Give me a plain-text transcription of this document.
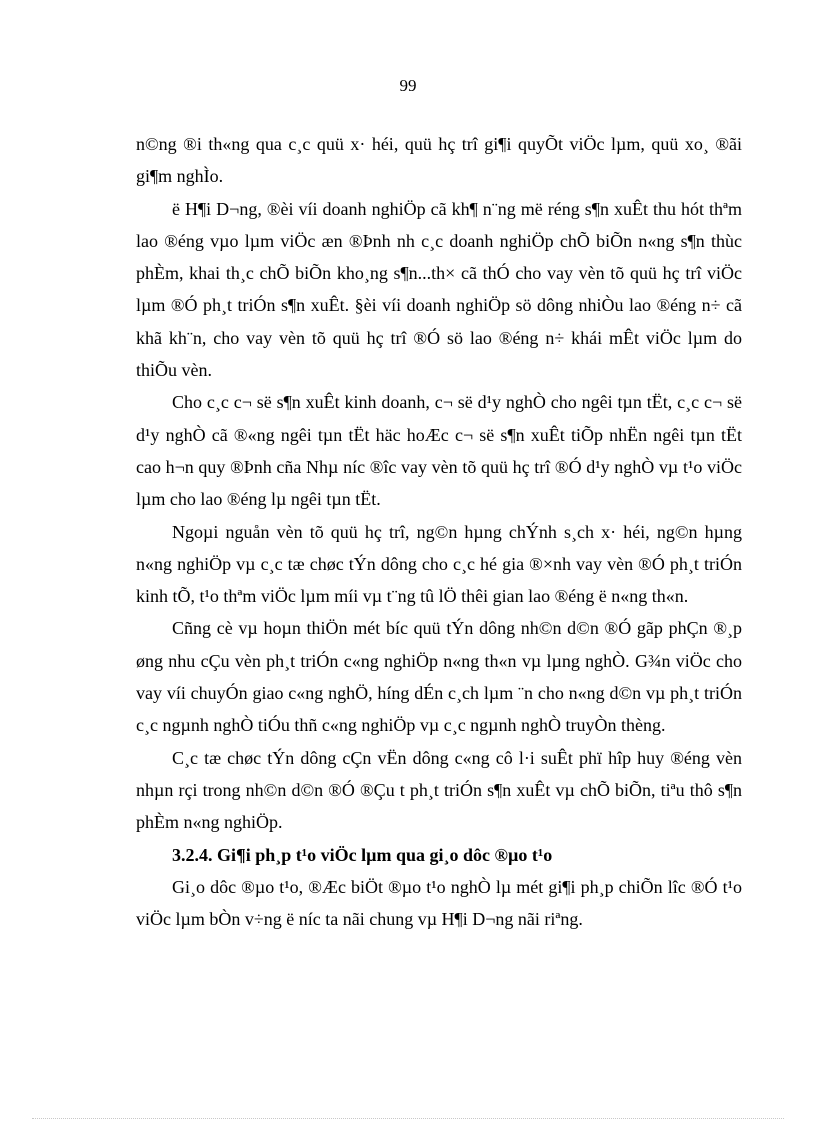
99

n©ng ®i th«ng qua c¸c quü x· héi, quü hç trî gi¶i quyÕt viÖc lµm, quü xo¸ ®ãi gi¶m nghÌo.

ë H¶i D¬ng, ®èi víi doanh nghiÖp cã kh¶ n¨ng më réng s¶n xuÊt thu hót thªm lao ®éng vµo lµm viÖc æn ®Þnh nh c¸c doanh nghiÖp chÕ biÕn n«ng s¶n thùc phÈm, khai th¸c chÕ biÕn kho¸ng s¶n...th× cã thÓ cho vay vèn tõ quü hç trî viÖc lµm ®Ó ph¸t triÓn s¶n xuÊt. §èi víi doanh nghiÖp sö dông nhiÒu lao ®éng n÷ cã khã kh¨n, cho vay vèn tõ quü hç trî ®Ó sö lao ®éng n÷ khái mÊt viÖc lµm do thiÕu vèn.

Cho c¸c c¬ së s¶n xuÊt kinh doanh, c¬ së d¹y nghÒ cho ngêi tµn tËt, c¸c c¬ së d¹y nghÒ cã ®«ng ngêi tµn tËt häc hoÆc c¬ së s¶n xuÊt tiÕp nhËn ngêi tµn tËt cao h¬n quy ®Þnh cña Nhµ níc ®îc vay vèn tõ quü hç trî ®Ó d¹y nghÒ vµ t¹o viÖc lµm cho lao ®éng lµ ngêi tµn tËt.

Ngoµi nguån vèn tõ quü hç trî, ng©n hµng chÝnh s¸ch x· héi, ng©n hµng n«ng nghiÖp vµ c¸c tæ chøc tÝn dông cho c¸c hé gia ®×nh vay vèn ®Ó ph¸t triÓn kinh tÕ, t¹o thªm viÖc lµm míi vµ t¨ng tû lÖ thêi gian lao ®éng ë n«ng th«n.

Cñng cè vµ hoµn thiÖn mét bíc quü tÝn dông nh©n d©n ®Ó gãp phÇn ®¸p øng nhu cÇu vèn ph¸t triÓn c«ng nghiÖp n«ng th«n vµ lµng nghÒ. G¾n viÖc cho vay víi chuyÓn giao c«ng nghÖ, híng dÉn c¸ch lµm ¨n cho n«ng d©n vµ ph¸t triÓn c¸c ngµnh nghÒ tiÓu thñ c«ng nghiÖp vµ c¸c ngµnh nghÒ truyÒn thèng.

C¸c tæ chøc tÝn dông cÇn vËn dông c«ng cô l·i suÊt phï hîp huy ®éng vèn nhµn rçi trong nh©n d©n ®Ó ®Çu t ph¸t triÓn s¶n xuÊt vµ chÕ biÕn, tiªu thô s¶n phÈm n«ng nghiÖp.

3.2.4. Gi¶i ph¸p t¹o viÖc lµm qua gi¸o dôc ®µo t¹o

Gi¸o dôc ®µo t¹o, ®Æc biÖt ®µo t¹o nghÒ lµ mét gi¶i ph¸p chiÕn lîc ®Ó t¹o viÖc lµm bÒn v÷ng ë níc ta nãi chung vµ H¶i D¬ng nãi riªng.
